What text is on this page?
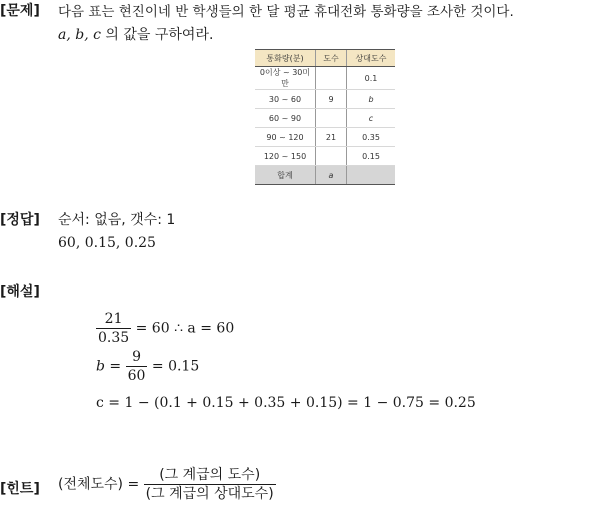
[문제] 다음 표는 현진이네 반 학생들의 한 달 평균 휴대전화 통화량을 조사한 것이다.
a, b, c 의 값을 구하여라.
통화량(분)	도수	상대도수
0이상 ~ 30미만		0.1
30 ~ 60	9	b
60 ~ 90		c
90 ~ 120	21	0.35
120 ~ 150		0.15
합계	a	
[정답] 순서: 없음, 갯수: 1
60, 0.15, 0.25
[해설]
$\frac{21}{0.35} = 60$ ∴ a = 60
$b = \frac{9}{60} = 0.15$
c = 1 − (0.1 + 0.15 + 0.35 + 0.15) = 1 − 0.75 = 0.25
[힌트] (전체도수) = $\frac{\text{(그 계급의 도수)}}{\text{(그 계급의 상대도수)}}$
